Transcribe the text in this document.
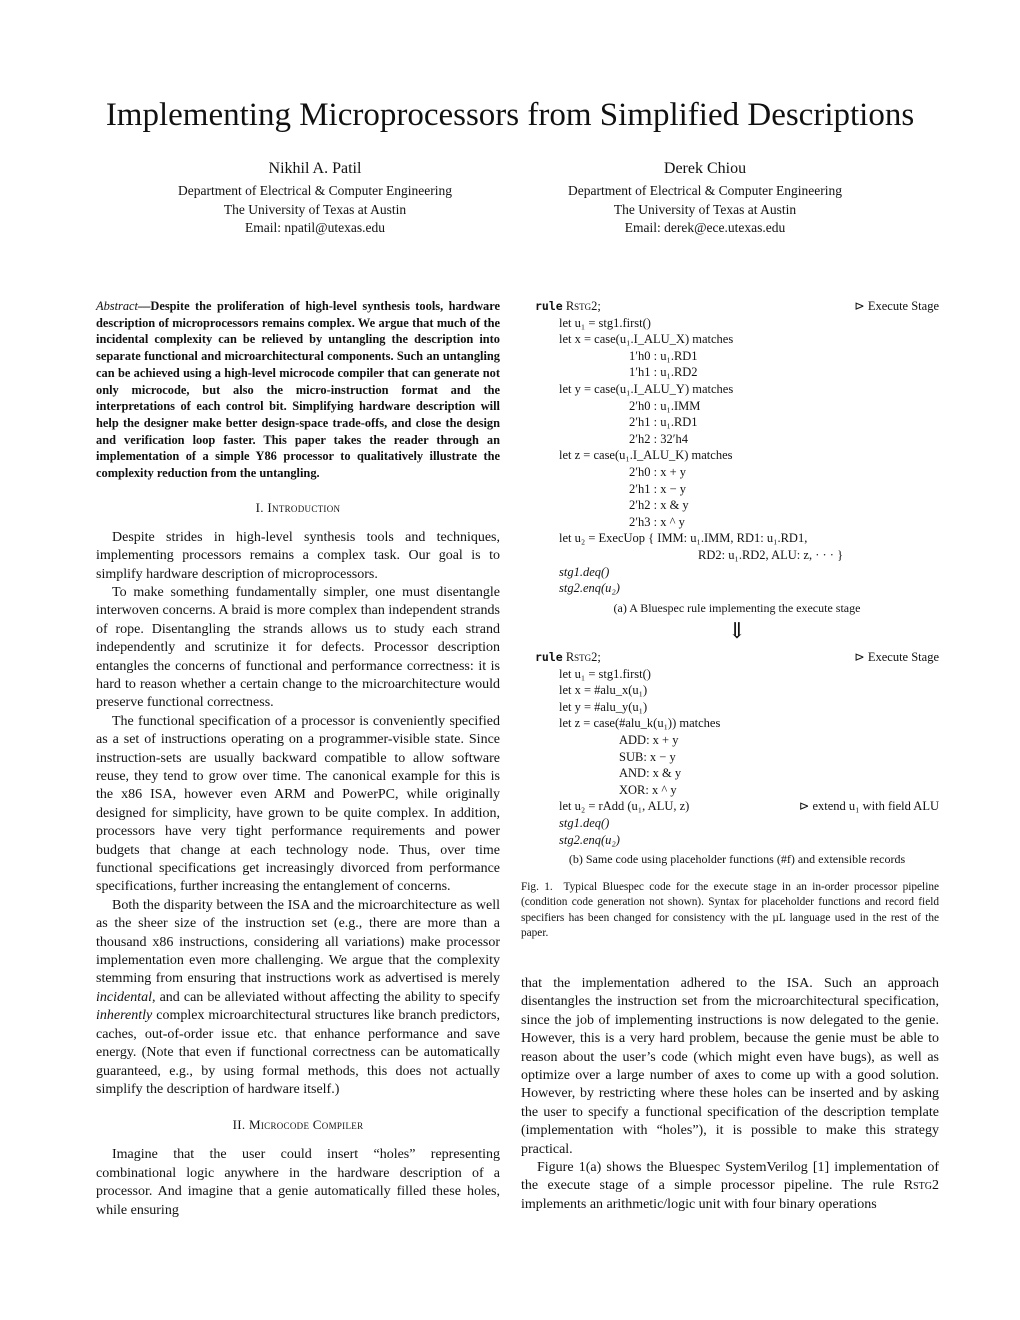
Implementing Microprocessors from Simplified Descriptions
Nikhil A. Patil
Department of Electrical & Computer Engineering
The University of Texas at Austin
Email: npatil@utexas.edu
Derek Chiou
Department of Electrical & Computer Engineering
The University of Texas at Austin
Email: derek@ece.utexas.edu
Abstract—Despite the proliferation of high-level synthesis tools, hardware description of microprocessors remains complex. We argue that much of the incidental complexity can be relieved by untangling the description into separate functional and microarchitectural components. Such an untangling can be achieved using a high-level microcode compiler that can generate not only microcode, but also the micro-instruction format and the interpretations of each control bit. Simplifying hardware description will help the designer make better design-space trade-offs, and close the design and verification loop faster. This paper takes the reader through an implementation of a simple Y86 processor to qualitatively illustrate the complexity reduction from the untangling.
I. Introduction

Despite strides in high-level synthesis tools and techniques, implementing processors remains a complex task. Our goal is to simplify hardware description of microprocessors.

To make something fundamentally simpler, one must disentangle interwoven concerns. A braid is more complex than independent strands of rope. Disentangling the strands allows us to study each strand independently and scrutinize it for defects. Processor description entangles the concerns of functional and performance correctness: it is hard to reason whether a certain change to the microarchitecture would preserve functional correctness.

The functional specification of a processor is conveniently specified as a set of instructions operating on a programmer-visible state. Since instruction-sets are usually backward compatible to allow software reuse, they tend to grow over time. The canonical example for this is the x86 ISA, however even ARM and PowerPC, while originally designed for simplicity, have grown to be quite complex. In addition, processors have very tight performance requirements and power budgets that change at each technology node. Thus, over time functional specifications get increasingly divorced from performance specifications, further increasing the entanglement of concerns.

Both the disparity between the ISA and the microarchitecture as well as the sheer size of the instruction set (e.g., there are more than a thousand x86 instructions, considering all variations) make processor implementation even more challenging. We argue that the complexity stemming from ensuring that instructions work as advertised is merely incidental, and can be alleviated without affecting the ability to specify inherently complex microarchitectural structures like branch predictors, caches, out-of-order issue etc. that enhance performance and save energy. (Note that even if functional correctness can be automatically guaranteed, e.g., by using formal methods, this does not actually simplify the description of hardware itself.)

II. Microcode Compiler

Imagine that the user could insert “holes” representing combinational logic anywhere in the hardware description of a processor. And imagine that a genie automatically filled these holes, while ensuring

rule Rstg2;	⊳ Execute Stage
let u₁ = stg1.first()
let x = case(u₁.I_ALU_X) matches
1′h0 : u₁.RD1
1′h1 : u₁.RD2
let y = case(u₁.I_ALU_Y) matches
2′h0 : u₁.IMM
2′h1 : u₁.RD1
2′h2 : 32′h4
let z = case(u₁.I_ALU_K) matches
2′h0 : x + y
2′h1 : x − y
2′h2 : x & y
2′h3 : x ^ y
let u₂ = ExecUop { IMM: u₁.IMM, RD1: u₁.RD1,
RD2: u₁.RD2, ALU: z, · · · }
stg1.deq()
stg2.enq(u₂)
(a) A Bluespec rule implementing the execute stage
⇓
rule Rstg2;	⊳ Execute Stage
let u₁ = stg1.first()
let x = #alu_x(u₁)
let y = #alu_y(u₁)
let z = case(#alu_k(u₁)) matches
ADD: x + y
SUB: x − y
AND: x & y
XOR: x ^ y
let u₂ = rAdd (u₁, ALU, z)	⊳ extend u₁ with field ALU
stg1.deq()
stg2.enq(u₂)
(b) Same code using placeholder functions (#f) and extensible records
Fig. 1. Typical Bluespec code for the execute stage in an in-order processor pipeline (condition code generation not shown). Syntax for placeholder functions and record field specifiers has been changed for consistency with the µL language used in the rest of the paper.

that the implementation adhered to the ISA. Such an approach disentangles the instruction set from the microarchitectural specification, since the job of implementing instructions is now delegated to the genie. However, this is a very hard problem, because the genie must be able to reason about the user’s code (which might even have bugs), as well as optimize over a large number of axes to come up with a good solution. However, by restricting where these holes can be inserted and by asking the user to specify a functional specification of the description template (implementation with “holes”), it is possible to make this strategy practical.

Figure 1(a) shows the Bluespec SystemVerilog [1] implementation of the execute stage of a simple processor pipeline. The rule Rstg2 implements an arithmetic/logic unit with four binary operations
